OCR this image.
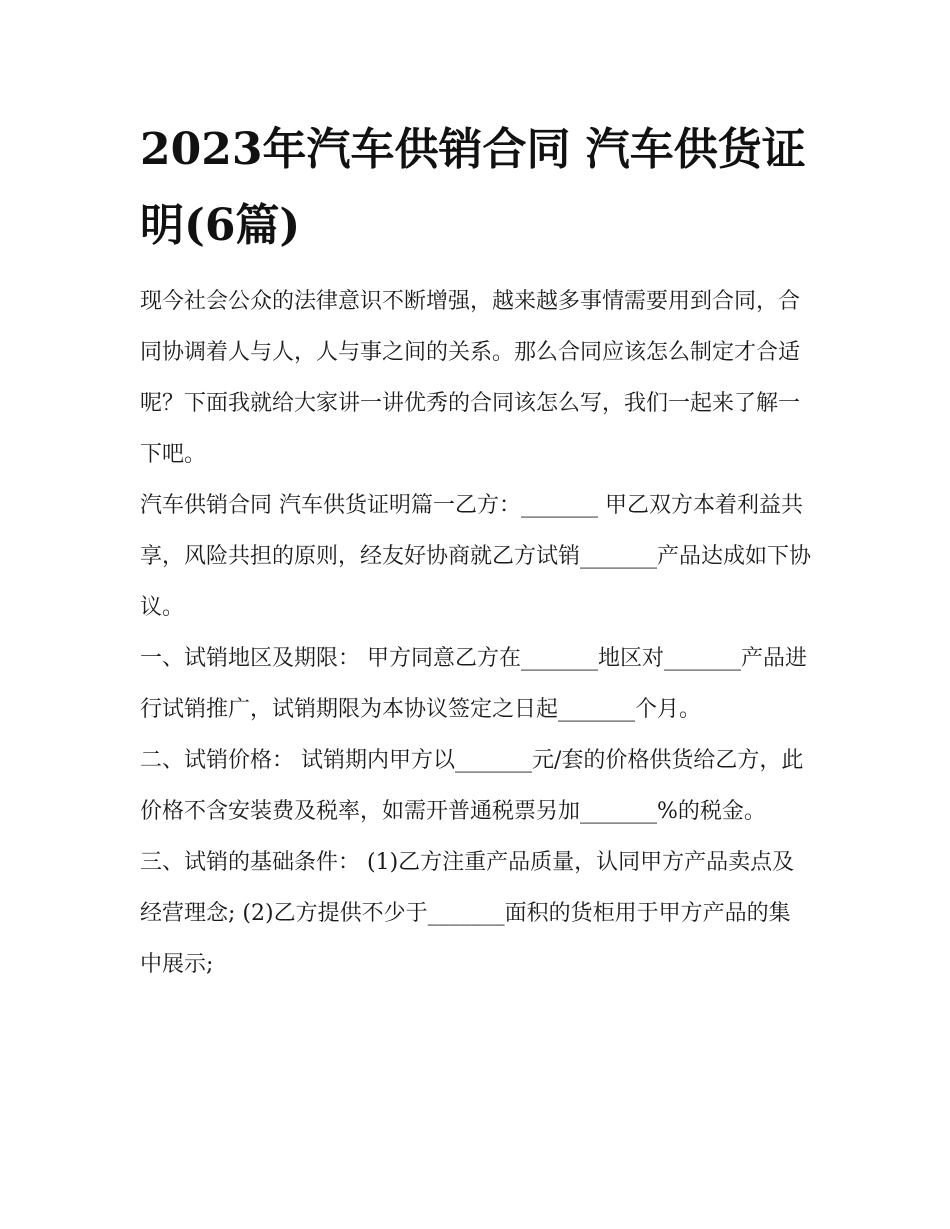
2023年汽车供销合同 汽车供货证明(6篇)

现今社会公众的法律意识不断增强，越来越多事情需要用到合同，合同协调着人与人，人与事之间的关系。那么合同应该怎么制定才合适呢？下面我就给大家讲一讲优秀的合同该怎么写，我们一起来了解一下吧。

汽车供销合同 汽车供货证明篇一乙方：_______ 甲乙双方本着利益共享，风险共担的原则，经友好协商就乙方试销_______产品达成如下协议。

一、试销地区及期限： 甲方同意乙方在_______地区对_______产品进行试销推广，试销期限为本协议签定之日起_______个月。

二、试销价格： 试销期内甲方以_______元/套的价格供货给乙方，此价格不含安装费及税率，如需开普通税票另加_______%的税金。

三、试销的基础条件： (1)乙方注重产品质量，认同甲方产品卖点及经营理念; (2)乙方提供不少于_______面积的货柜用于甲方产品的集中展示;
